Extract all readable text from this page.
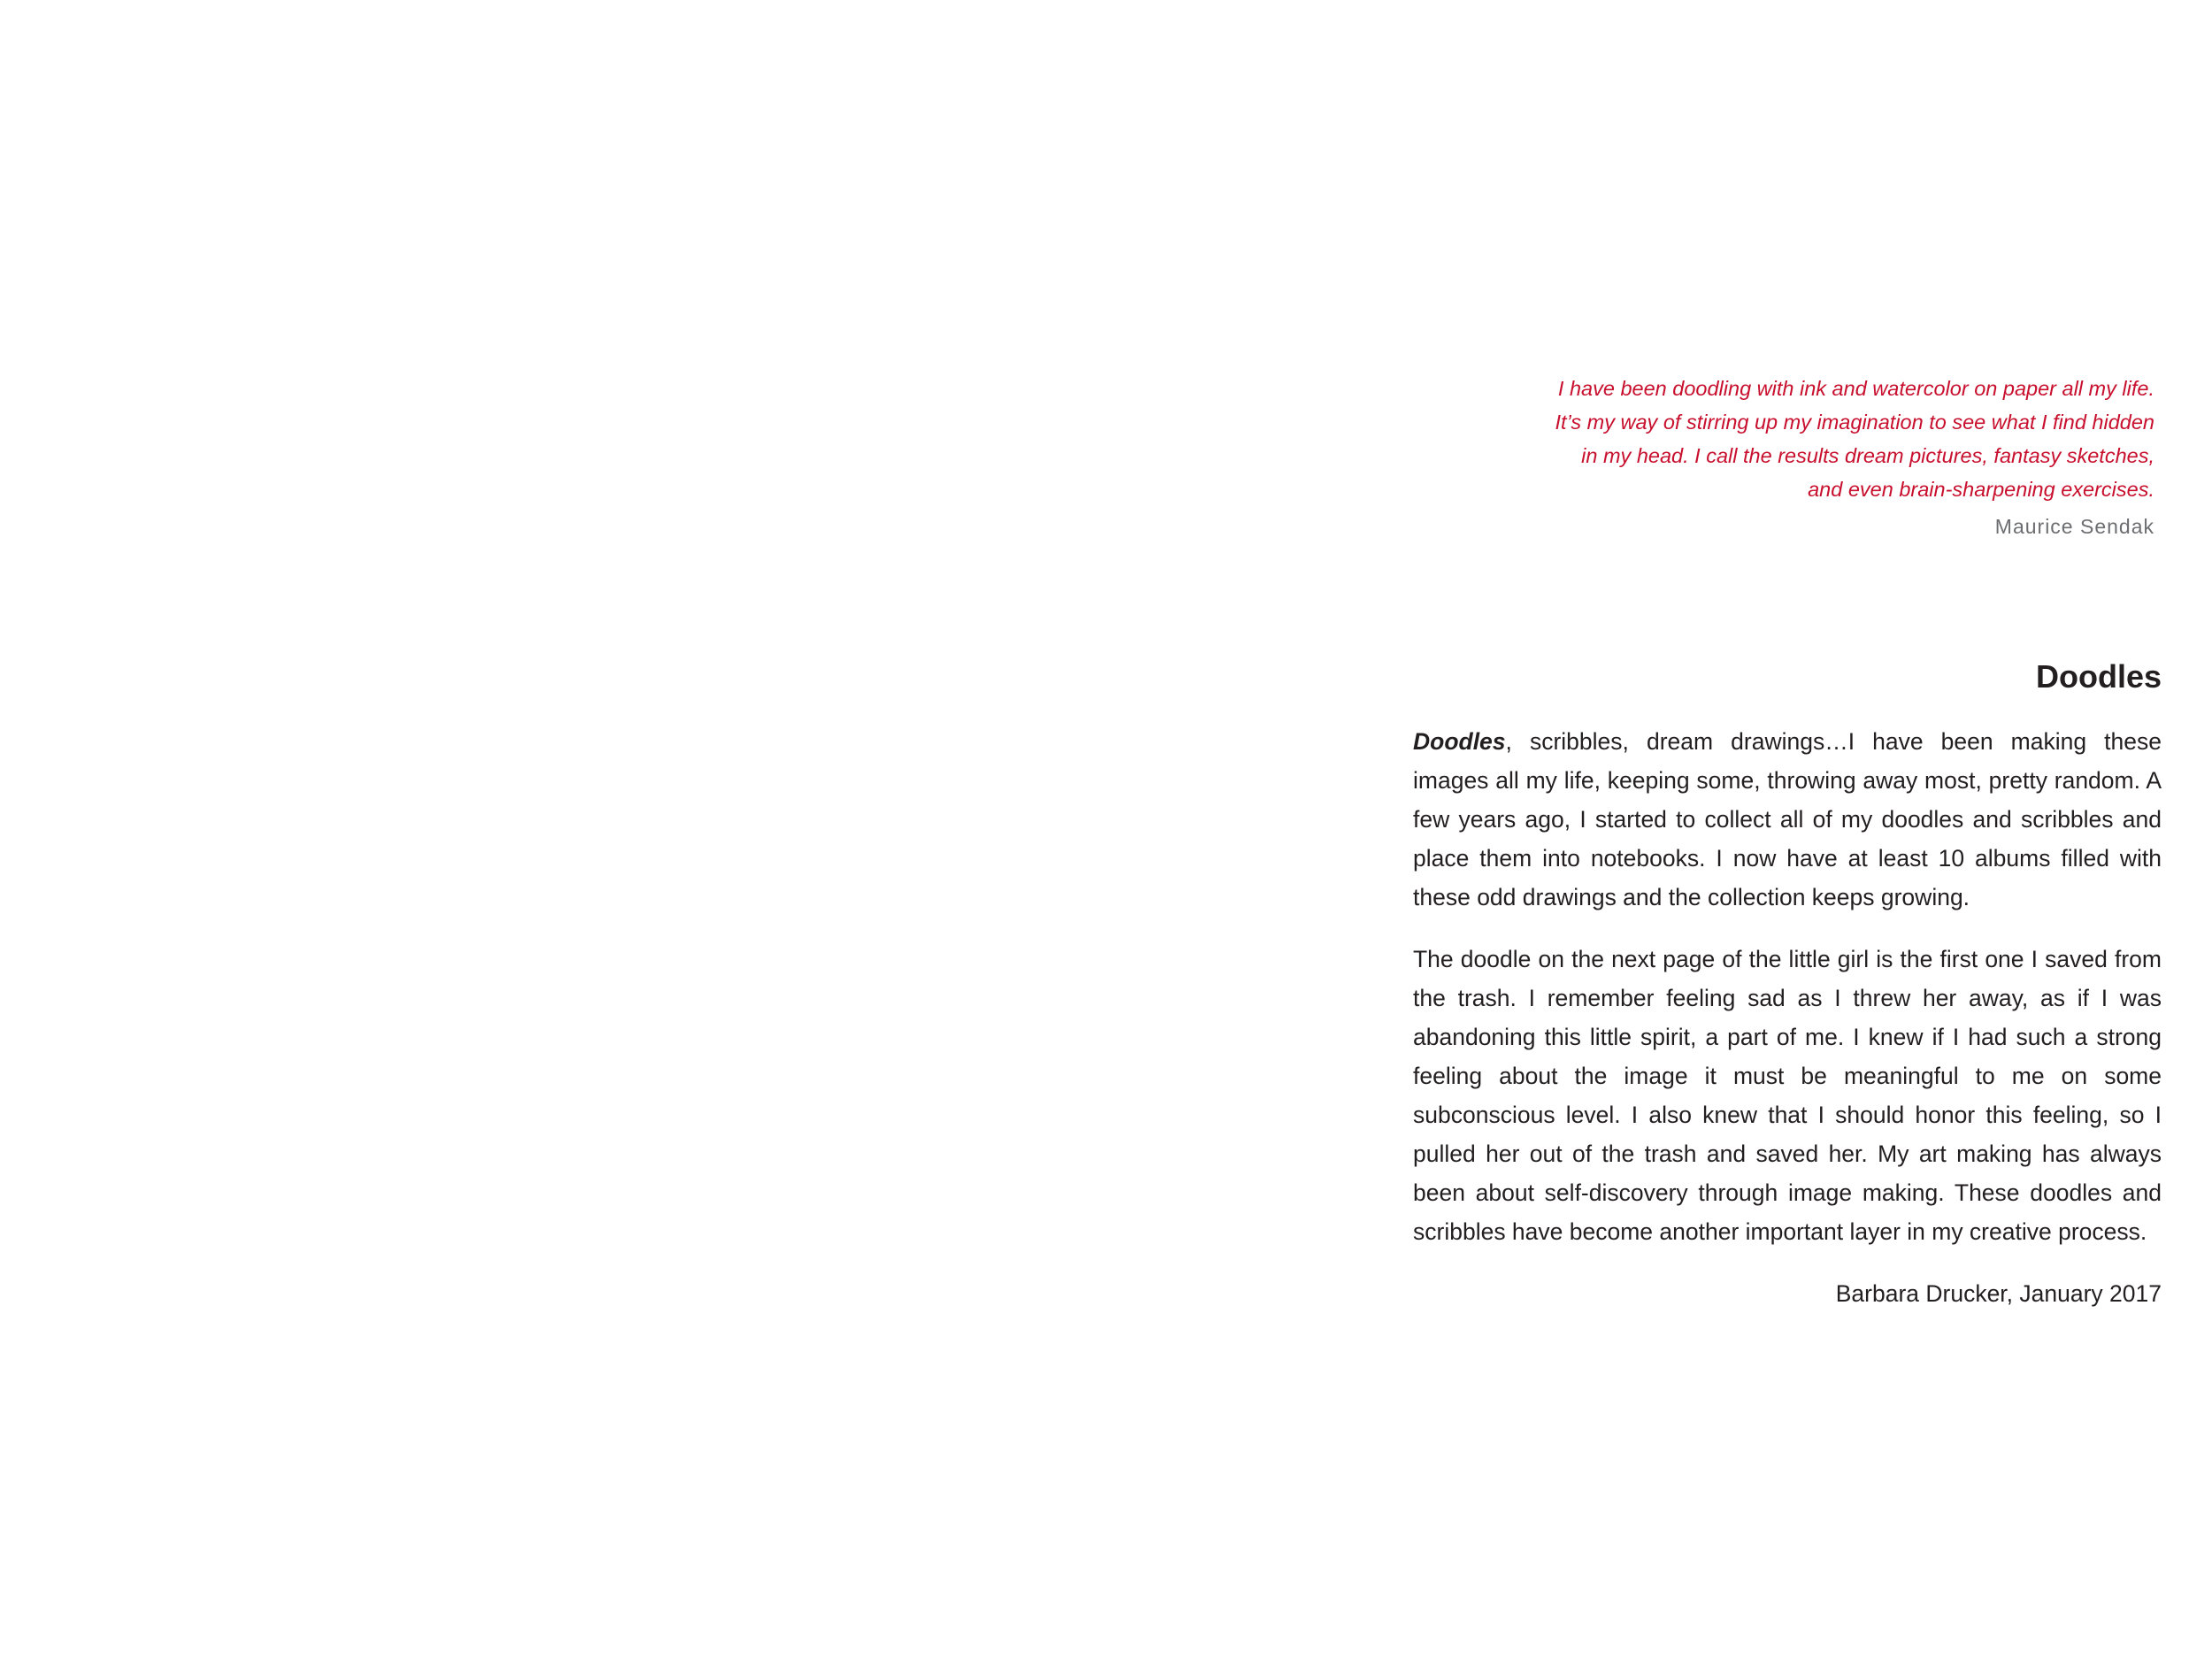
I have been doodling with ink and watercolor on paper all my life.
It’s my way of stirring up my imagination to see what I find hidden
in my head. I call the results dream pictures, fantasy sketches,
and even brain-sharpening exercises.
Maurice Sendak
Doodles

Doodles, scribbles, dream drawings…I have been making these images all my life, keeping some, throwing away most, pretty random. A few years ago, I started to collect all of my doodles and scribbles and place them into notebooks. I now have at least 10 albums filled with these odd drawings and the collection keeps growing.

The doodle on the next page of the little girl is the first one I saved from the trash. I remember feeling sad as I threw her away, as if I was abandoning this little spirit, a part of me. I knew if I had such a strong feeling about the image it must be meaningful to me on some subconscious level. I also knew that I should honor this feeling, so I pulled her out of the trash and saved her. My art making has always been about self-discovery through image making. These doodles and scribbles have become another important layer in my creative process.

Barbara Drucker, January 2017
